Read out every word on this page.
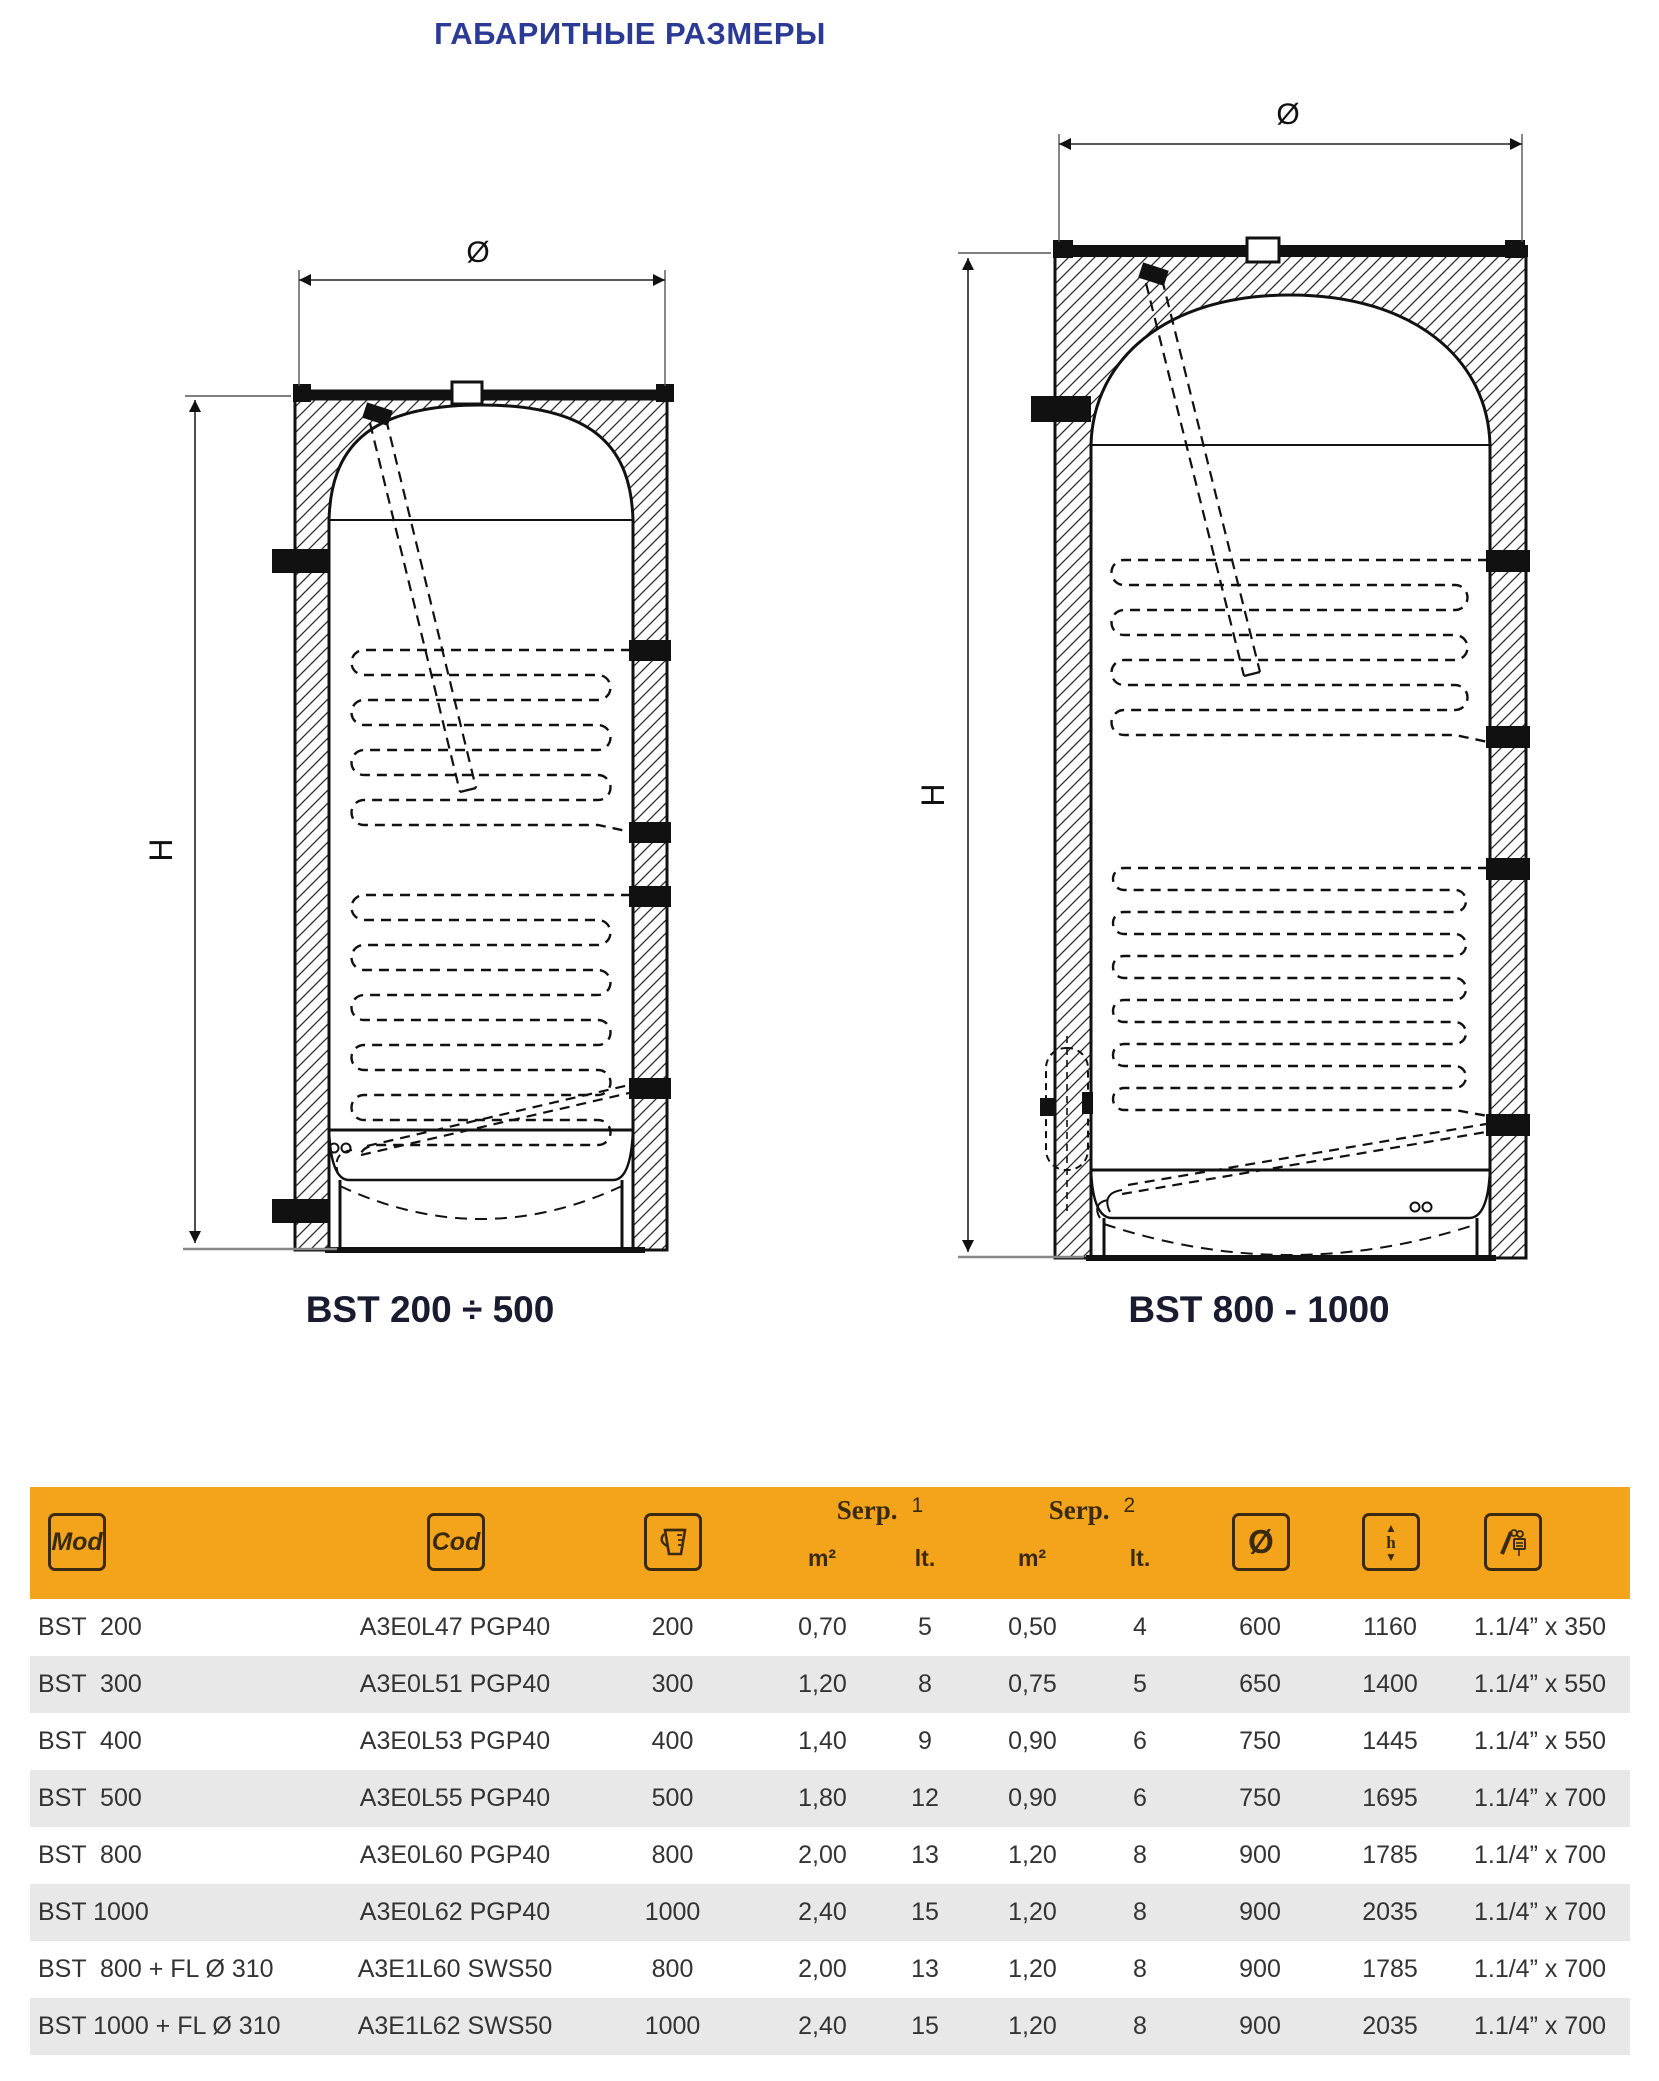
ГАБАРИТНЫЕ РАЗМЕРЫ
Ø
H
BST 200 ÷ 500
Ø
H
BST 800 - 1000
Mod	Cod
Serp. $^1$
m²	lt.
Serp. $^2$
m²	lt.	Ø	▲
h
▼
BST  200	A3E0L47 PGP40	200	0,70	5	0,50	4	600	1160	1.1/4” x 350
BST  300	A3E0L51 PGP40	300	1,20	8	0,75	5	650	1400	1.1/4” x 550
BST  400	A3E0L53 PGP40	400	1,40	9	0,90	6	750	1445	1.1/4” x 550
BST  500	A3E0L55 PGP40	500	1,80	12	0,90	6	750	1695	1.1/4” x 700
BST  800	A3E0L60 PGP40	800	2,00	13	1,20	8	900	1785	1.1/4” x 700
BST 1000	A3E0L62 PGP40	1000	2,40	15	1,20	8	900	2035	1.1/4” x 700
BST  800 + FL Ø 310	A3E1L60 SWS50	800	2,00	13	1,20	8	900	1785	1.1/4” x 700
BST 1000 + FL Ø 310	A3E1L62 SWS50	1000	2,40	15	1,20	8	900	2035	1.1/4” x 700
